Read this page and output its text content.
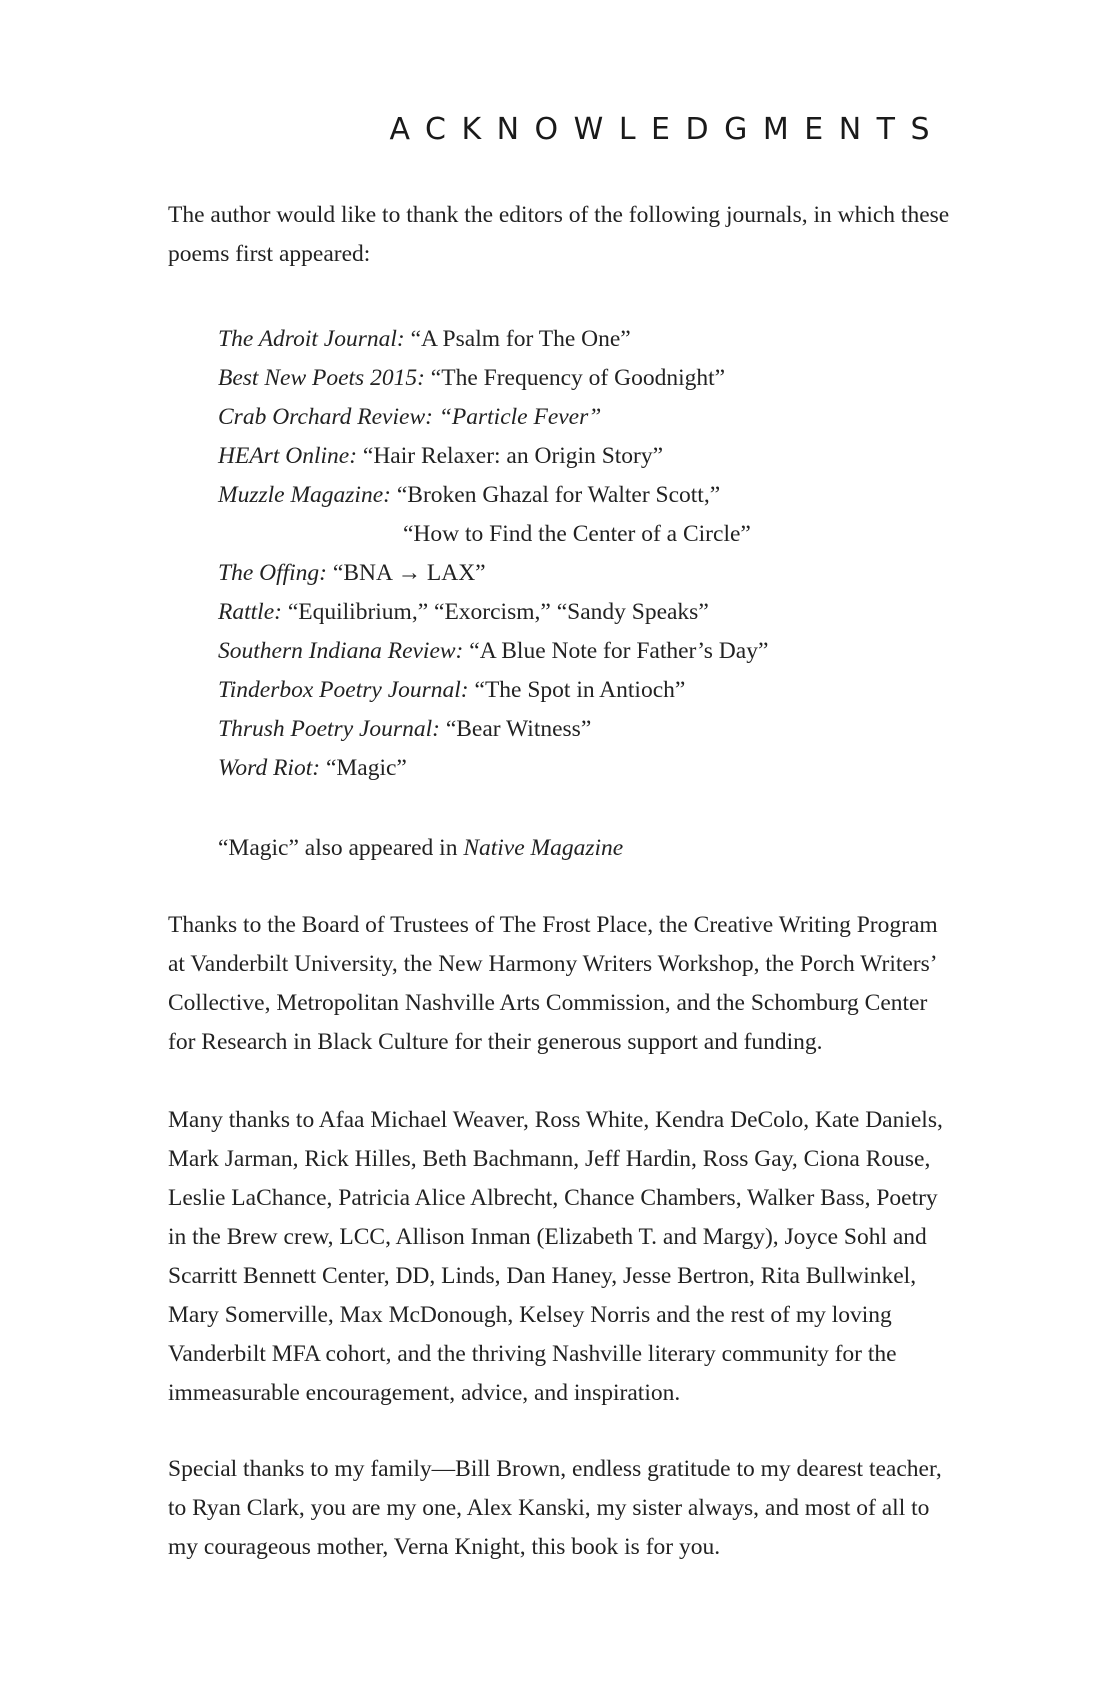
ACKNOWLEDGMENTS

The author would like to thank the editors of the following journals, in which these poems first appeared:

The Adroit Journal: “A Psalm for The One”
Best New Poets 2015: “The Frequency of Goodnight”
Crab Orchard Review: “Particle Fever”
HEArt Online: “Hair Relaxer: an Origin Story”
Muzzle Magazine: “Broken Ghazal for Walter Scott,”
“How to Find the Center of a Circle”
The Offing: “BNA → LAX”
Rattle: “Equilibrium,” “Exorcism,” “Sandy Speaks”
Southern Indiana Review: “A Blue Note for Father’s Day”
Tinderbox Poetry Journal: “The Spot in Antioch”
Thrush Poetry Journal: “Bear Witness”
Word Riot: “Magic”

“Magic” also appeared in Native Magazine

Thanks to the Board of Trustees of The Frost Place, the Creative Writing Program at Vanderbilt University, the New Harmony Writers Workshop, the Porch Writers’ Collective, Metropolitan Nashville Arts Commission, and the Schomburg Center for Research in Black Culture for their generous support and funding.

Many thanks to Afaa Michael Weaver, Ross White, Kendra DeColo, Kate Daniels, Mark Jarman, Rick Hilles, Beth Bachmann, Jeff Hardin, Ross Gay, Ciona Rouse, Leslie LaChance, Patricia Alice Albrecht, Chance Chambers, Walker Bass, Poetry in the Brew crew, LCC, Allison Inman (Elizabeth T. and Margy), Joyce Sohl and Scarritt Bennett Center, DD, Linds, Dan Haney, Jesse Bertron, Rita Bullwinkel, Mary Somerville, Max McDonough, Kelsey Norris and the rest of my loving Vanderbilt MFA cohort, and the thriving Nashville literary community for the immeasurable encouragement, advice, and inspiration.

Special thanks to my family—Bill Brown, endless gratitude to my dearest teacher, to Ryan Clark, you are my one, Alex Kanski, my sister always, and most of all to my courageous mother, Verna Knight, this book is for you.
